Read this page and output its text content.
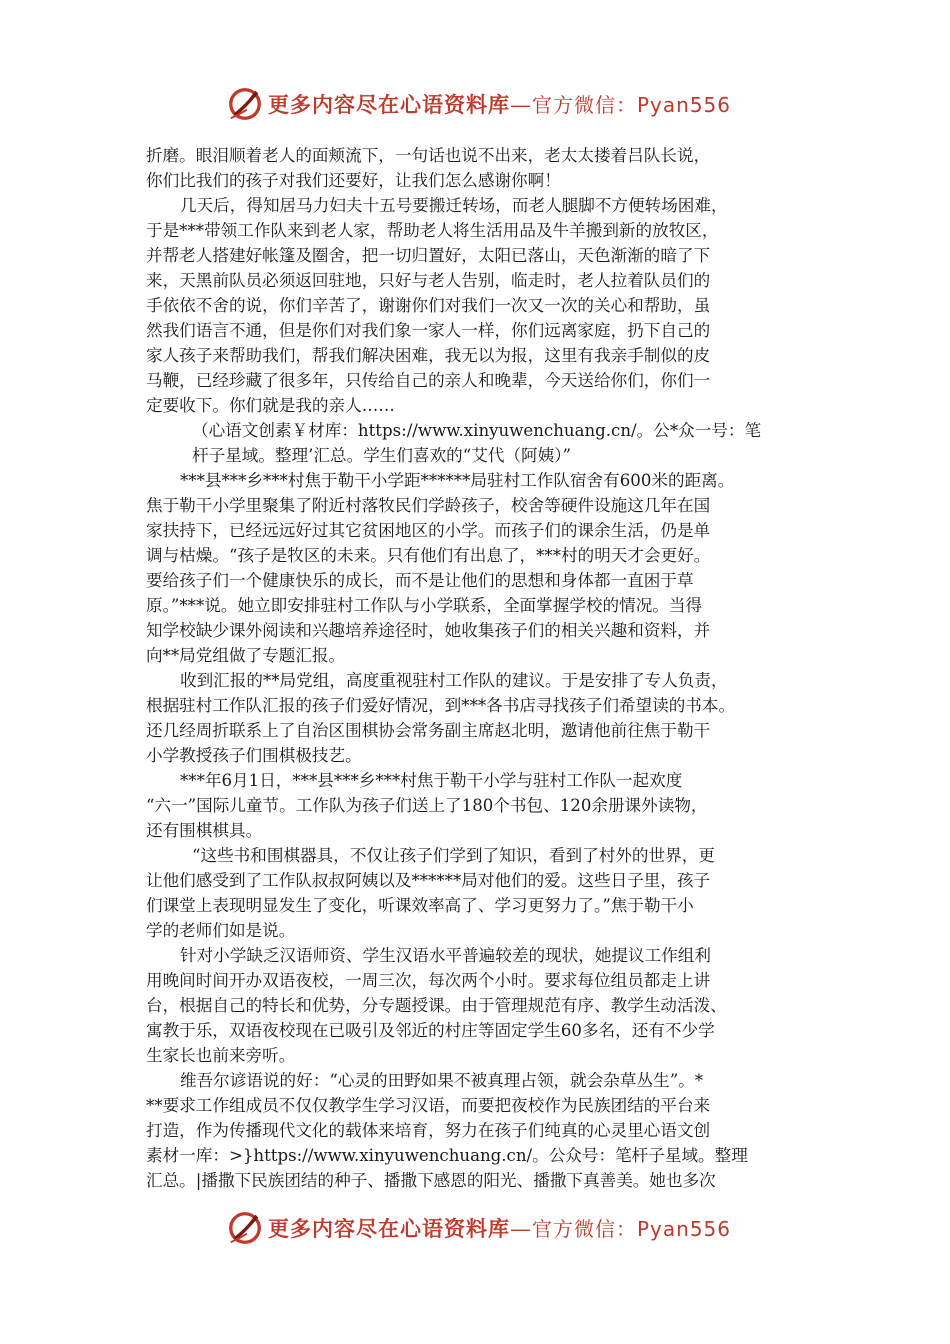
更多内容尽在心语资料库—官方微信：Pyan556
折磨。眼泪顺着老人的面颊流下，一句话也说不出来，老太太搂着吕队长说，
你们比我们的孩子对我们还要好，让我们怎么感谢你啊！
几天后，得知居马力妇夫十五号要搬迁转场，而老人腿脚不方便转场困难，
于是***带领工作队来到老人家，帮助老人将生活用品及牛羊搬到新的放牧区，
并帮老人搭建好帐篷及圈舍，把一切归置好，太阳已落山，天色渐渐的暗了下
来，天黑前队员必须返回驻地，只好与老人告别，临走时，老人拉着队员们的
手依依不舍的说，你们辛苦了，谢谢你们对我们一次又一次的关心和帮助，虽
然我们语言不通，但是你们对我们象一家人一样，你们远离家庭，扔下自己的
家人孩子来帮助我们，帮我们解决困难，我无以为报，这里有我亲手制似的皮
马鞭，已经珍藏了很多年，只传给自己的亲人和晚辈，今天送给你们，你们一
定要收下。你们就是我的亲人……
（心语文创素￥材库：https://www.xinyuwenchuang.cn/。公*众一号：笔
杆子星域。整理’汇总。学生们喜欢的“艾代（阿姨）”
***县***乡***村焦于勒干小学距******局驻村工作队宿舍有600米的距离。
焦于勒干小学里聚集了附近村落牧民们学龄孩子，校舍等硬件设施这几年在国
家扶持下，已经远远好过其它贫困地区的小学。而孩子们的课余生活，仍是单
调与枯燥。“孩子是牧区的未来。只有他们有出息了，***村的明天才会更好。
要给孩子们一个健康快乐的成长，而不是让他们的思想和身体都一直困于草
原。”***说。她立即安排驻村工作队与小学联系，全面掌握学校的情况。当得
知学校缺少课外阅读和兴趣培养途径时，她收集孩子们的相关兴趣和资料，并
向**局党组做了专题汇报。
收到汇报的**局党组，高度重视驻村工作队的建议。于是安排了专人负责，
根据驻村工作队汇报的孩子们爱好情况，到***各书店寻找孩子们希望读的书本。
还几经周折联系上了自治区围棋协会常务副主席赵北明，邀请他前往焦于勒干
小学教授孩子们围棋极技艺。
***年6月1日，***县***乡***村焦于勒干小学与驻村工作队一起欢度
“六一”国际儿童节。工作队为孩子们送上了180个书包、120余册课外读物，
还有围棋棋具。
“这些书和围棋器具，不仅让孩子们学到了知识，看到了村外的世界，更
让他们感受到了工作队叔叔阿姨以及******局对他们的爱。这些日子里，孩子
们课堂上表现明显发生了变化，听课效率高了、学习更努力了。”焦于勒干小
学的老师们如是说。
针对小学缺乏汉语师资、学生汉语水平普遍较差的现状，她提议工作组利
用晚间时间开办双语夜校，一周三次，每次两个小时。要求每位组员都走上讲
台，根据自己的特长和优势，分专题授课。由于管理规范有序、教学生动活泼、
寓教于乐，双语夜校现在已吸引及邻近的村庄等固定学生60多名，还有不少学
生家长也前来旁听。
维吾尔谚语说的好：“心灵的田野如果不被真理占领，就会杂草丛生”。*
**要求工作组成员不仅仅教学生学习汉语，而要把夜校作为民族团结的平台来
打造，作为传播现代文化的载体来培育，努力在孩子们纯真的心灵里心语文创
素材一库：>}https://www.xinyuwenchuang.cn/。公众号：笔杆子星域。整理
汇总。|播撒下民族团结的种子、播撒下感恩的阳光、播撒下真善美。她也多次
更多内容尽在心语资料库—官方微信：Pyan556
